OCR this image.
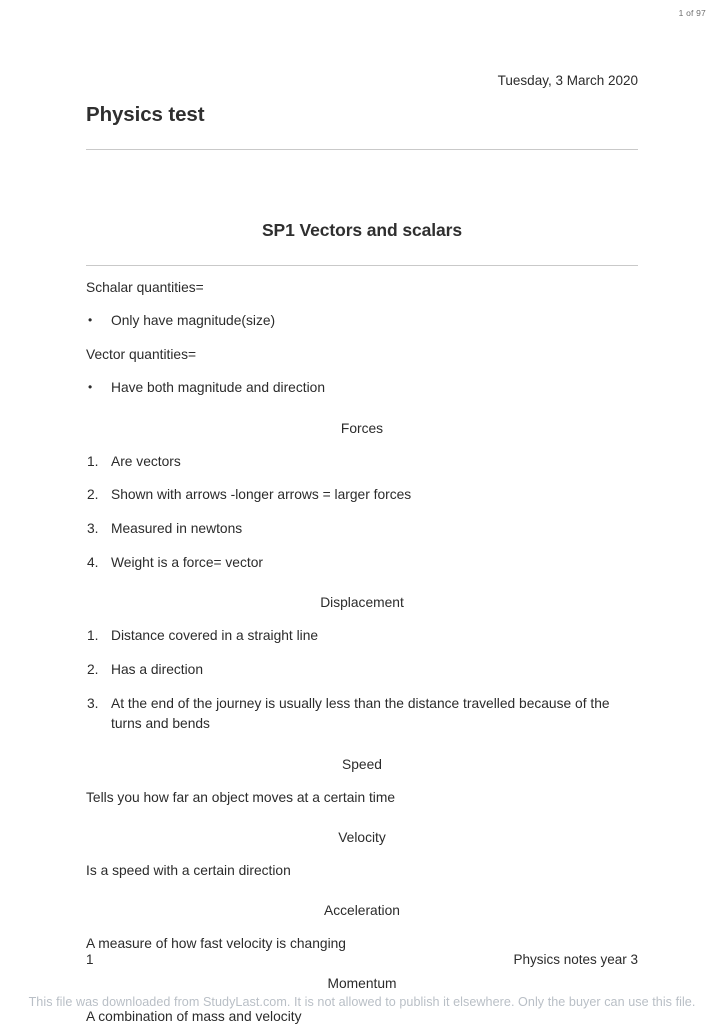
1 of 97
Tuesday, 3 March 2020
Physics test
SP1 Vectors and scalars
Schalar quantities=
•	Only have magnitude(size)
Vector quantities=
•	Have both magnitude and direction
Forces
1. Are vectors
2. Shown with arrows -longer arrows = larger forces
3. Measured in newtons
4. Weight is a force= vector
Displacement
1. Distance covered in a straight line
2. Has a direction
3. At the end of the journey is usually less than the distance travelled because of the turns and bends
Speed
Tells you how far an object moves at a certain time
Velocity
Is a speed with a certain direction
Acceleration
A measure of how fast velocity is changing
Momentum
A combination of mass and velocity
1	Physics notes year 3
This file was downloaded from StudyLast.com. It is not allowed to publish it elsewhere. Only the buyer can use this file.
